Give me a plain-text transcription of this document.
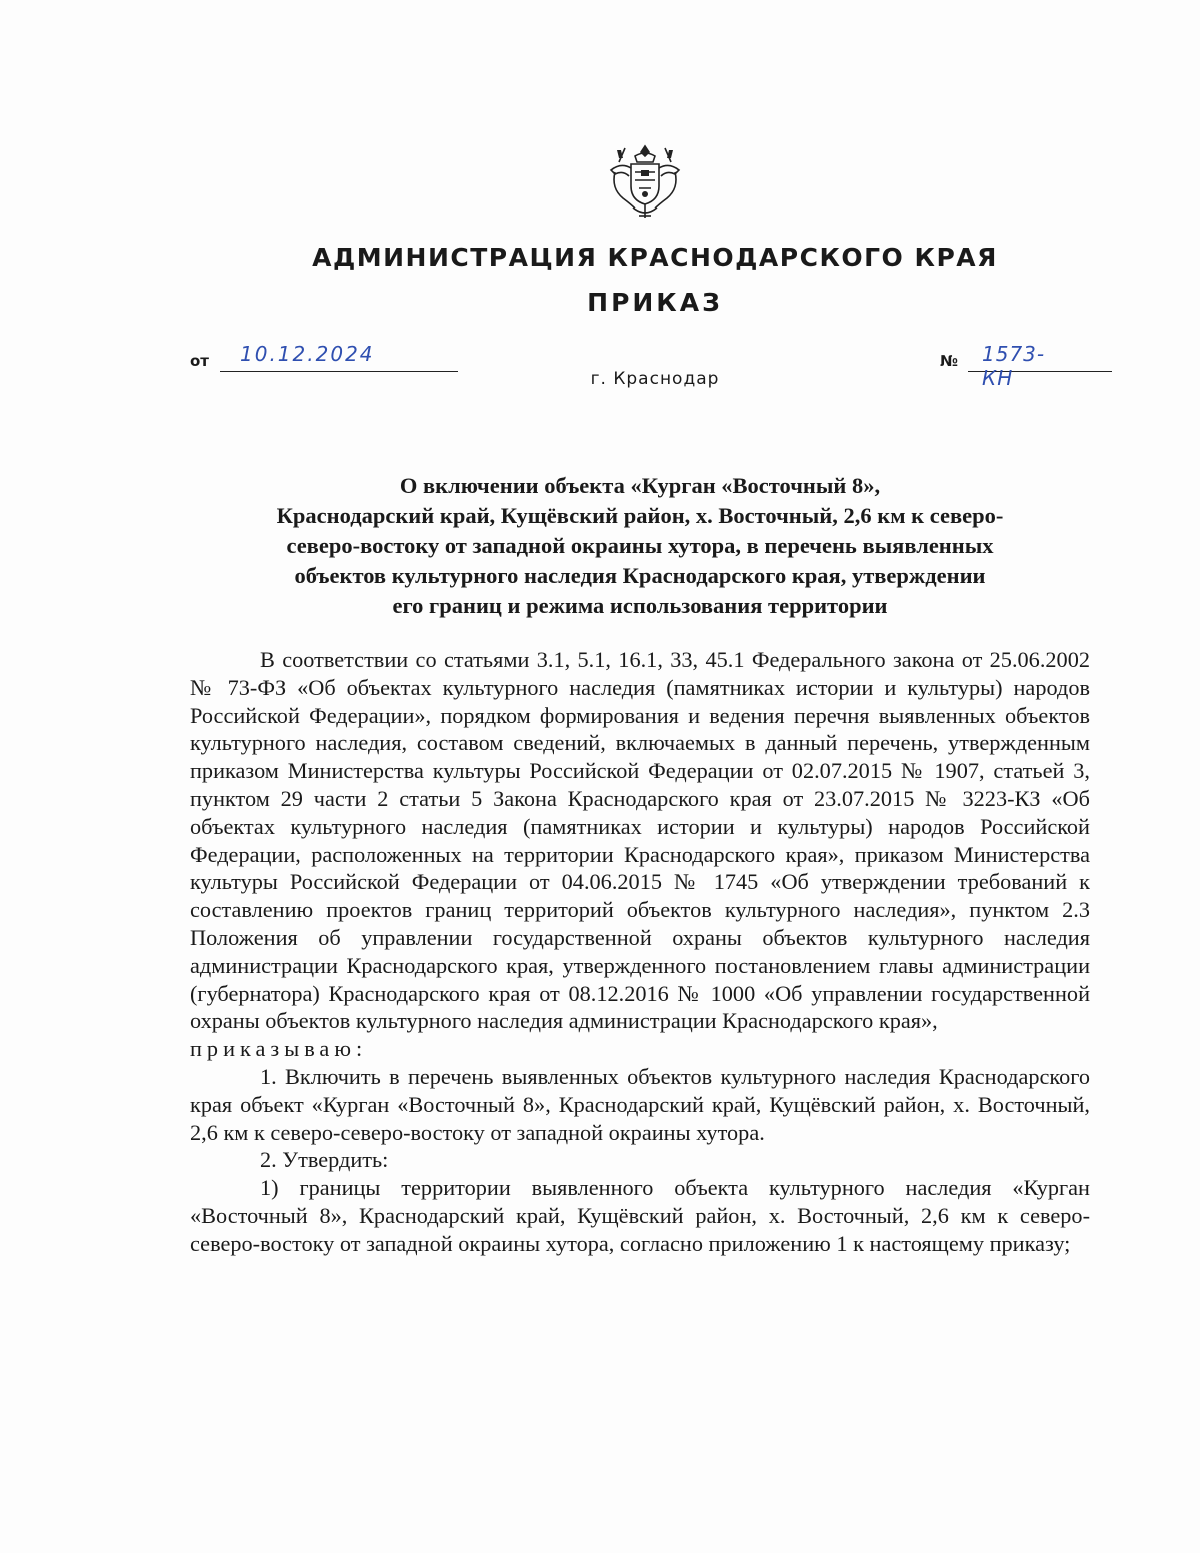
АДМИНИСТРАЦИЯ КРАСНОДАРСКОГО КРАЯ
ПРИКАЗ
от 10.12.2024	№ 1573-КН
г. Краснодар
О включении объекта «Курган «Восточный 8»,
Краснодарский край, Кущёвский район, х. Восточный, 2,6 км к северо-
северо-востоку от западной окраины хутора, в перечень выявленных
объектов культурного наследия Краснодарского края, утверждении
его границ и режима использования территории

В соответствии со статьями 3.1, 5.1, 16.1, 33, 45.1 Федерального закона от 25.06.2002 № 73-ФЗ «Об объектах культурного наследия (памятниках истории и культуры) народов Российской Федерации», порядком формирования и ведения перечня выявленных объектов культурного наследия, составом сведений, включаемых в данный перечень, утвержденным приказом Министерства культуры Российской Федерации от 02.07.2015 № 1907, статьей 3, пунктом 29 части 2 статьи 5 Закона Краснодарского края от 23.07.2015 № 3223-КЗ «Об объектах культурного наследия (памятниках истории и культуры) народов Российской Федерации, расположенных на территории Краснодарского края», приказом Министерства культуры Российской Федерации от 04.06.2015 № 1745 «Об утверждении требований к составлению проектов границ территорий объектов культурного наследия», пунктом 2.3 Положения об управлении государственной охраны объектов культурного наследия администрации Краснодарского края, утвержденного постановлением главы администрации (губернатора) Краснодарского края от 08.12.2016 № 1000 «Об управлении государственной охраны объектов культурного наследия администрации Краснодарского края»,
приказываю:

1. Включить в перечень выявленных объектов культурного наследия Краснодарского края объект «Курган «Восточный 8», Краснодарский край, Кущёвский район, х. Восточный, 2,6 км к северо-северо-востоку от западной окраины хутора.

2. Утвердить:

1) границы территории выявленного объекта культурного наследия «Курган «Восточный 8», Краснодарский край, Кущёвский район, х. Восточный, 2,6 км к северо-северо-востоку от западной окраины хутора, согласно приложению 1 к настоящему приказу;
